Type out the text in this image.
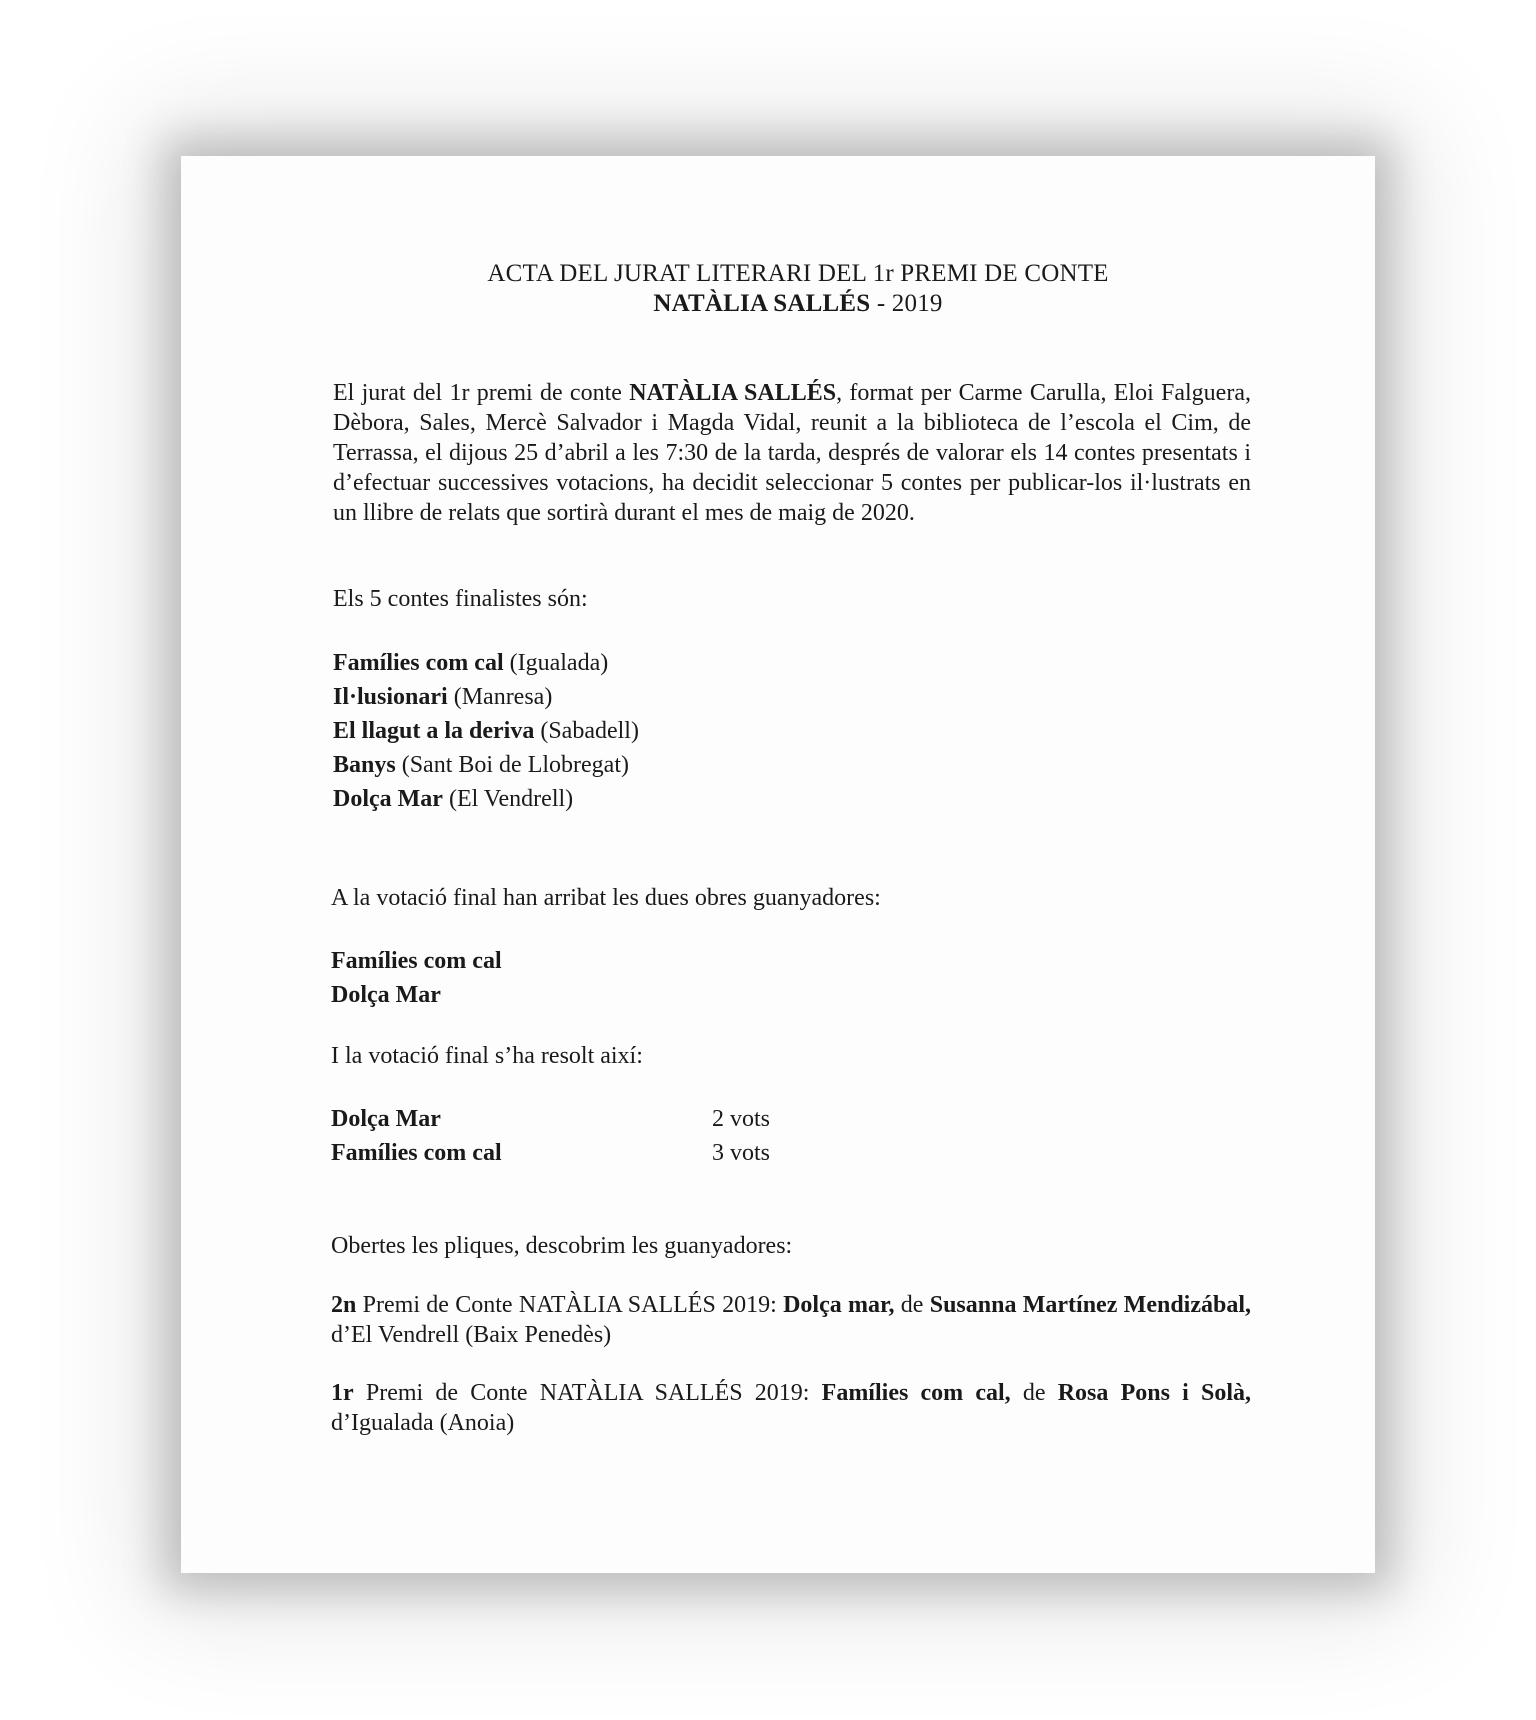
ACTA DEL JURAT LITERARI DEL 1r PREMI DE CONTE
NATÀLIA SALLÉS - 2019
El jurat del 1r premi de conte NATÀLIA SALLÉS, format per Carme Carulla, Eloi Falguera, Dèbora, Sales, Mercè Salvador i Magda Vidal, reunit a la biblioteca de l’escola el Cim, de Terrassa, el dijous 25 d’abril a les 7:30 de la tarda, després de valorar els 14 contes presentats i d’efectuar successives votacions, ha decidit seleccionar 5 contes per publicar-los il·lustrats en un llibre de relats que sortirà durant el mes de maig de 2020.
Els 5 contes finalistes són:
Famílies com cal (Igualada)
Il·lusionari (Manresa)
El llagut a la deriva (Sabadell)
Banys (Sant Boi de Llobregat)
Dolça Mar (El Vendrell)
A la votació final han arribat les dues obres guanyadores:
Famílies com cal
Dolça Mar
I la votació final s’ha resolt així:
Dolça Mar	2 vots
Famílies com cal	3 vots
Obertes les pliques, descobrim les guanyadores:
2n Premi de Conte NATÀLIA SALLÉS 2019: Dolça mar, de Susanna Martínez Mendizábal, d’El Vendrell (Baix Penedès)
1r Premi de Conte NATÀLIA SALLÉS 2019: Famílies com cal, de Rosa Pons i Solà, d’Igualada (Anoia)
